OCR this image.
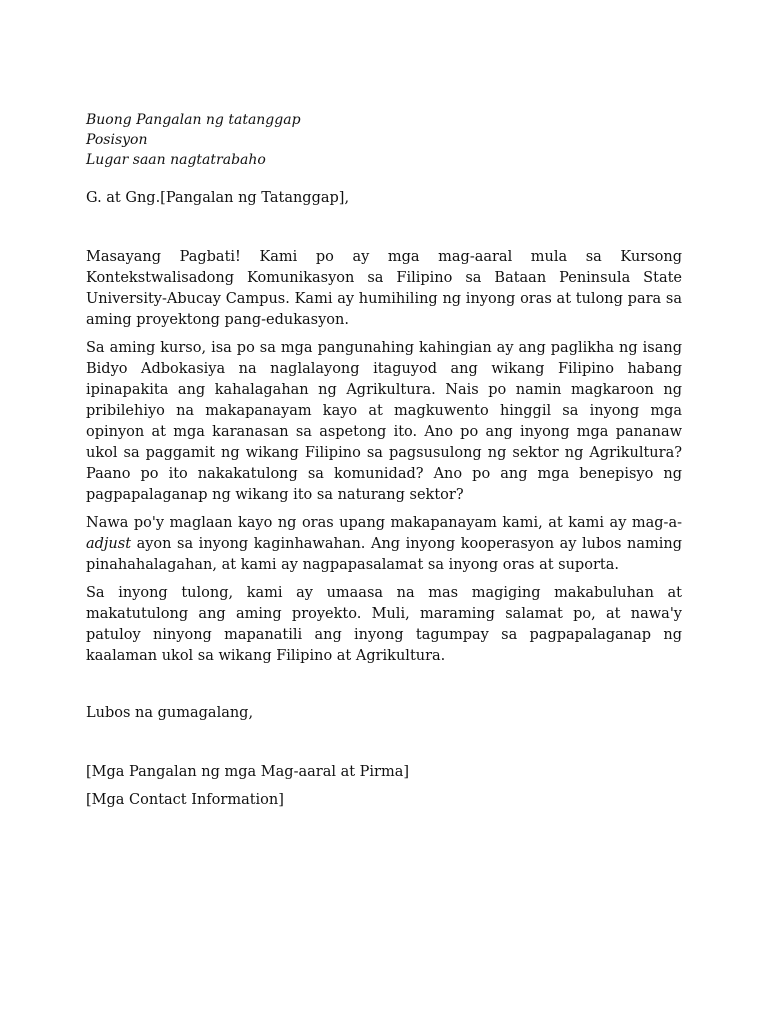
Buong Pangalan ng tatanggap

Posisyon

Lugar saan nagtatrabaho

G. at Gng.[Pangalan ng Tatanggap],

Masayang Pagbati! Kami po ay mga mag-aaral mula sa Kursong Kontekstwalisadong Komunikasyon sa Filipino sa Bataan Peninsula State University-Abucay Campus. Kami ay humihiling ng inyong oras at tulong para sa aming proyektong pang-edukasyon.

Sa aming kurso, isa po sa mga pangunahing kahingian ay ang paglikha ng isang Bidyo Adbokasiya na naglalayong itaguyod ang wikang Filipino habang ipinapakita ang kahalagahan ng Agrikultura. Nais po namin magkaroon ng pribilehiyo na makapanayam kayo at magkuwento hinggil sa inyong mga opinyon at mga karanasan sa aspetong ito. Ano po ang inyong mga pananaw ukol sa paggamit ng wikang Filipino sa pagsusulong ng sektor ng Agrikultura? Paano po ito nakakatulong sa komunidad? Ano po ang mga benepisyo ng pagpapalaganap ng wikang ito sa naturang sektor?

Nawa po'y maglaan kayo ng oras upang makapanayam kami, at kami ay mag-a-adjust ayon sa inyong kaginhawahan. Ang inyong kooperasyon ay lubos naming pinahahalagahan, at kami ay nagpapasalamat sa inyong oras at suporta.

Sa inyong tulong, kami ay umaasa na mas magiging makabuluhan at makatutulong ang aming proyekto. Muli, maraming salamat po, at nawa'y patuloy ninyong mapanatili ang inyong tagumpay sa pagpapalaganap ng kaalaman ukol sa wikang Filipino at Agrikultura.

Lubos na gumagalang,

[Mga Pangalan ng mga Mag-aaral at Pirma]

[Mga Contact Information]
